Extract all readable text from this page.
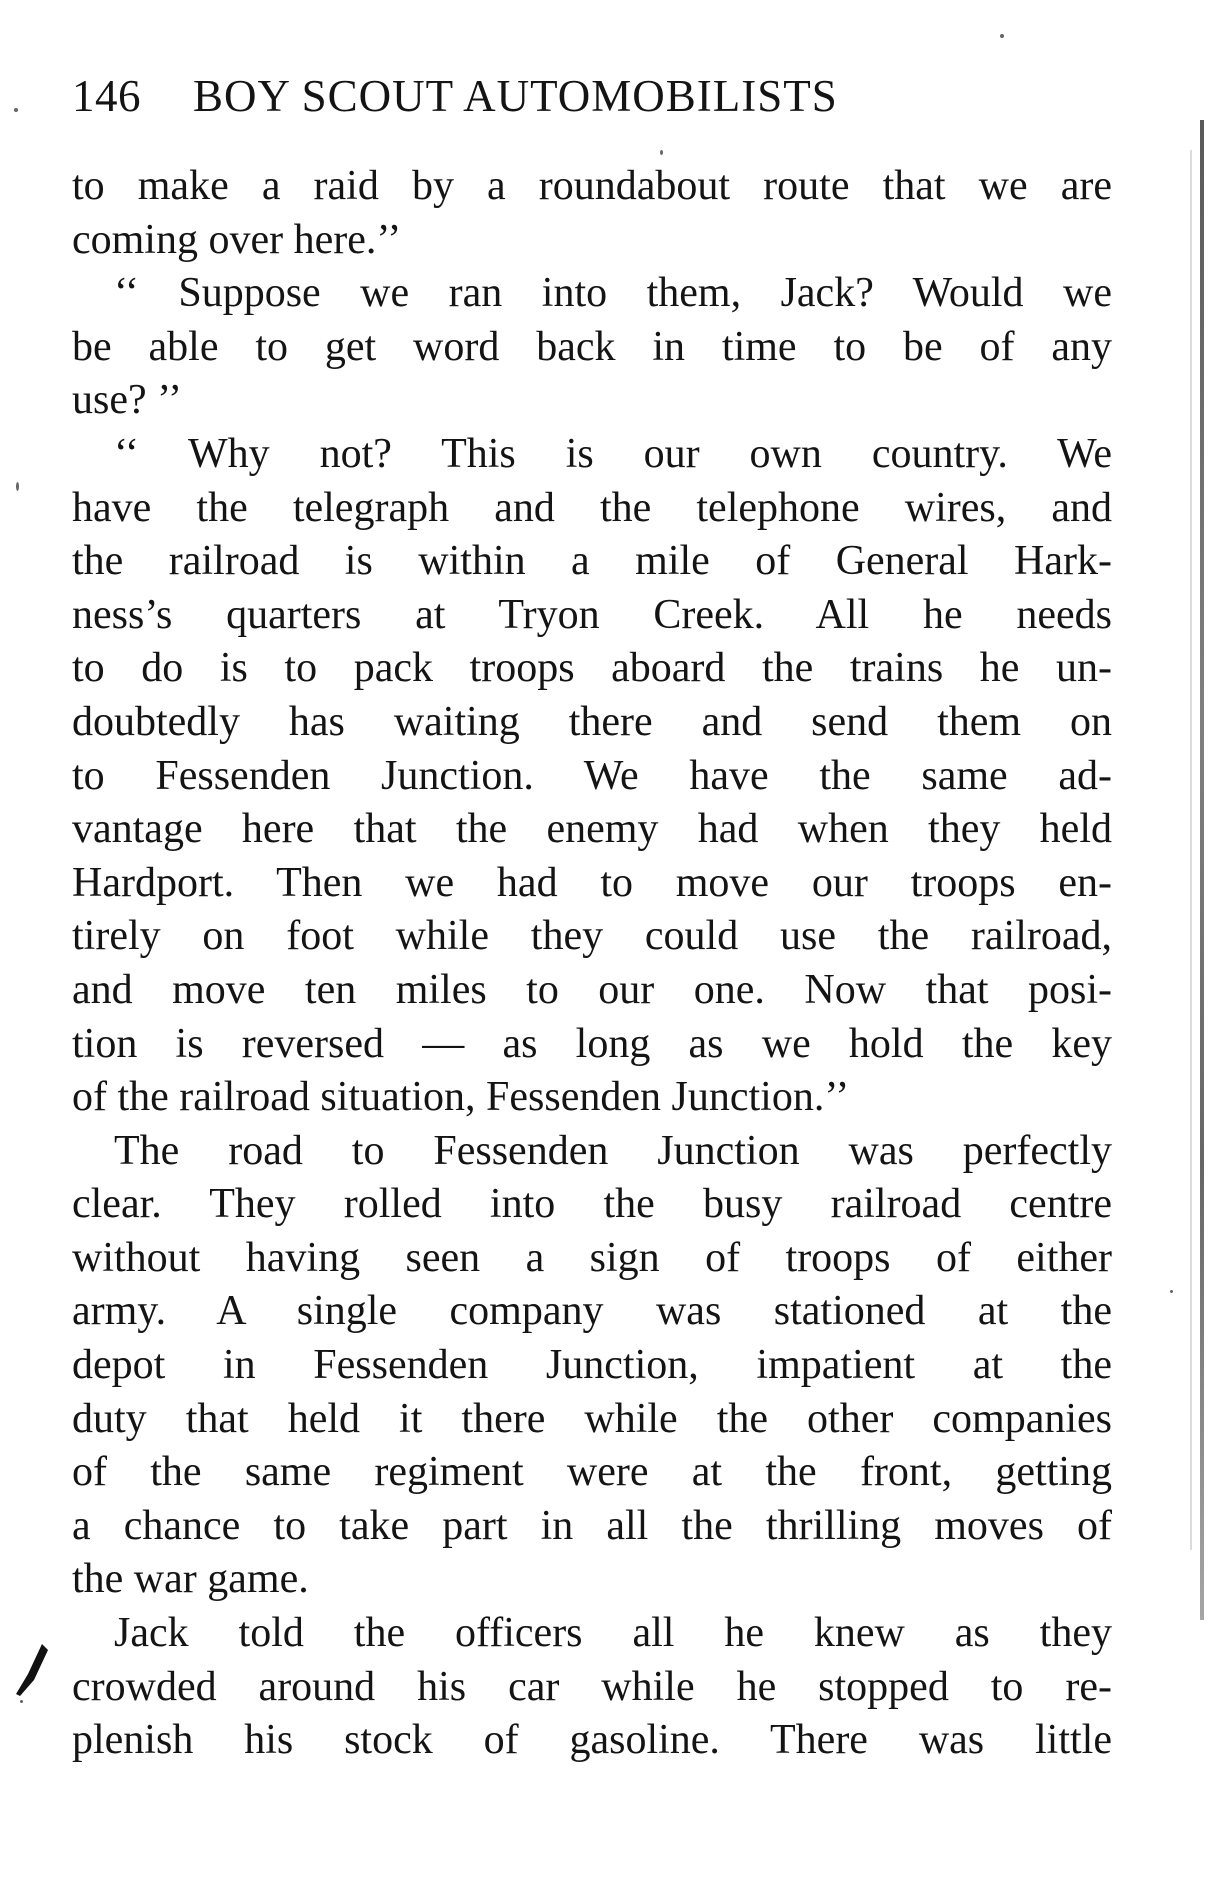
146 BOY SCOUT AUTOMOBILISTS
to make a raid by a roundabout route that we are
coming over here.’’
‘‘ Suppose we ran into them, Jack? Would we
be able to get word back in time to be of any
use? ’’
‘‘ Why not? This is our own country. We
have the telegraph and the telephone wires, and
the railroad is within a mile of General Hark-
ness’s quarters at Tryon Creek. All he needs
to do is to pack troops aboard the trains he un-
doubtedly has waiting there and send them on
to Fessenden Junction. We have the same ad-
vantage here that the enemy had when they held
Hardport. Then we had to move our troops en-
tirely on foot while they could use the railroad,
and move ten miles to our one. Now that posi-
tion is reversed — as long as we hold the key
of the railroad situation, Fessenden Junction.’’
The road to Fessenden Junction was perfectly
clear. They rolled into the busy railroad centre
without having seen a sign of troops of either
army. A single company was stationed at the
depot in Fessenden Junction, impatient at the
duty that held it there while the other companies
of the same regiment were at the front, getting
a chance to take part in all the thrilling moves of
the war game.
Jack told the officers all he knew as they
crowded around his car while he stopped to re-
plenish his stock of gasoline. There was little
